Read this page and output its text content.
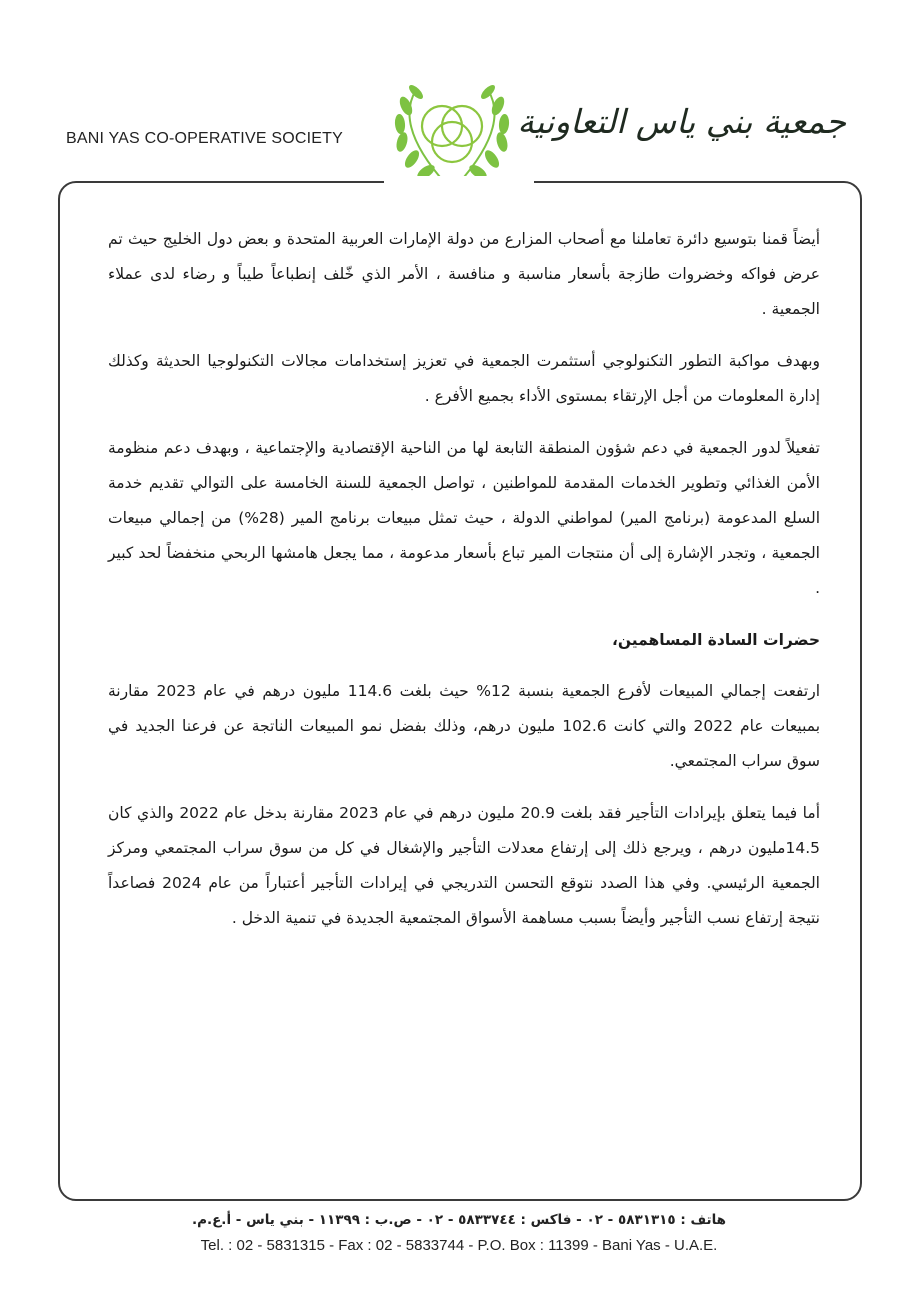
BANI YAS CO-OPERATIVE SOCIETY	جمعية بني ياس التعاونية

أيضاً قمنا بتوسيع دائرة تعاملنا مع أصحاب المزارع من دولة الإمارات العربية المتحدة و بعض دول الخليج حيث تم عرض فواكه وخضروات طازجة بأسعار مناسبة و منافسة ، الأمر الذي خّلف إنطباعاً طيباً و رضاء لدى عملاء الجمعية .

وبهدف مواكبة التطور التكنولوجي أستثمرت الجمعية في تعزيز إستخدامات مجالات التكنولوجيا الحديثة وكذلك إدارة المعلومات من أجل الإرتقاء بمستوى الأداء بجميع الأفرع .

تفعيلاً لدور الجمعية في دعم شؤون المنطقة التابعة لها من الناحية الإقتصادية والإجتماعية ، وبهدف دعم منظومة الأمن الغذائي وتطوير الخدمات المقدمة للمواطنين ، تواصل الجمعية للسنة الخامسة على التوالي تقديم خدمة السلع المدعومة (برنامج المير) لمواطني الدولة ، حيث تمثل مبيعات برنامج المير (28%) من إجمالي مبيعات الجمعية ، وتجدر الإشارة إلى أن منتجات المير تباع بأسعار مدعومة ، مما يجعل هامشها الربحي منخفضاً لحد كبير .

حضرات السادة المساهمين،

ارتفعت إجمالي المبيعات لأفرع الجمعية بنسبة 12% حيث بلغت 114.6 مليون درهم في عام 2023 مقارنة بمبيعات عام 2022 والتي كانت 102.6 مليون درهم، وذلك بفضل نمو المبيعات الناتجة عن فرعنا الجديد في سوق سراب المجتمعي.

أما فيما يتعلق بإيرادات التأجير فقد بلغت 20.9 مليون درهم في عام 2023 مقارنة بدخل عام 2022 والذي كان 14.5مليون درهم ، ويرجع ذلك إلى إرتفاع معدلات التأجير والإشغال في كل من سوق سراب المجتمعي ومركز الجمعية الرئيسي. وفي هذا الصدد نتوقع التحسن التدريجي في إيرادات التأجير أعتباراً من عام 2024 فصاعداً نتيجة إرتفاع نسب التأجير وأيضاً بسبب مساهمة الأسواق المجتمعية الجديدة في تنمية الدخل .

هاتف : ٥٨٣١٣١٥ - ٠٢ - فاكس : ٥٨٣٣٧٤٤ - ٠٢ - ص.ب : ١١٣٩٩ - بني ياس - أ.ع.م.
Tel. : 02 - 5831315 - Fax : 02 - 5833744 - P.O. Box : 11399 - Bani Yas - U.A.E.
